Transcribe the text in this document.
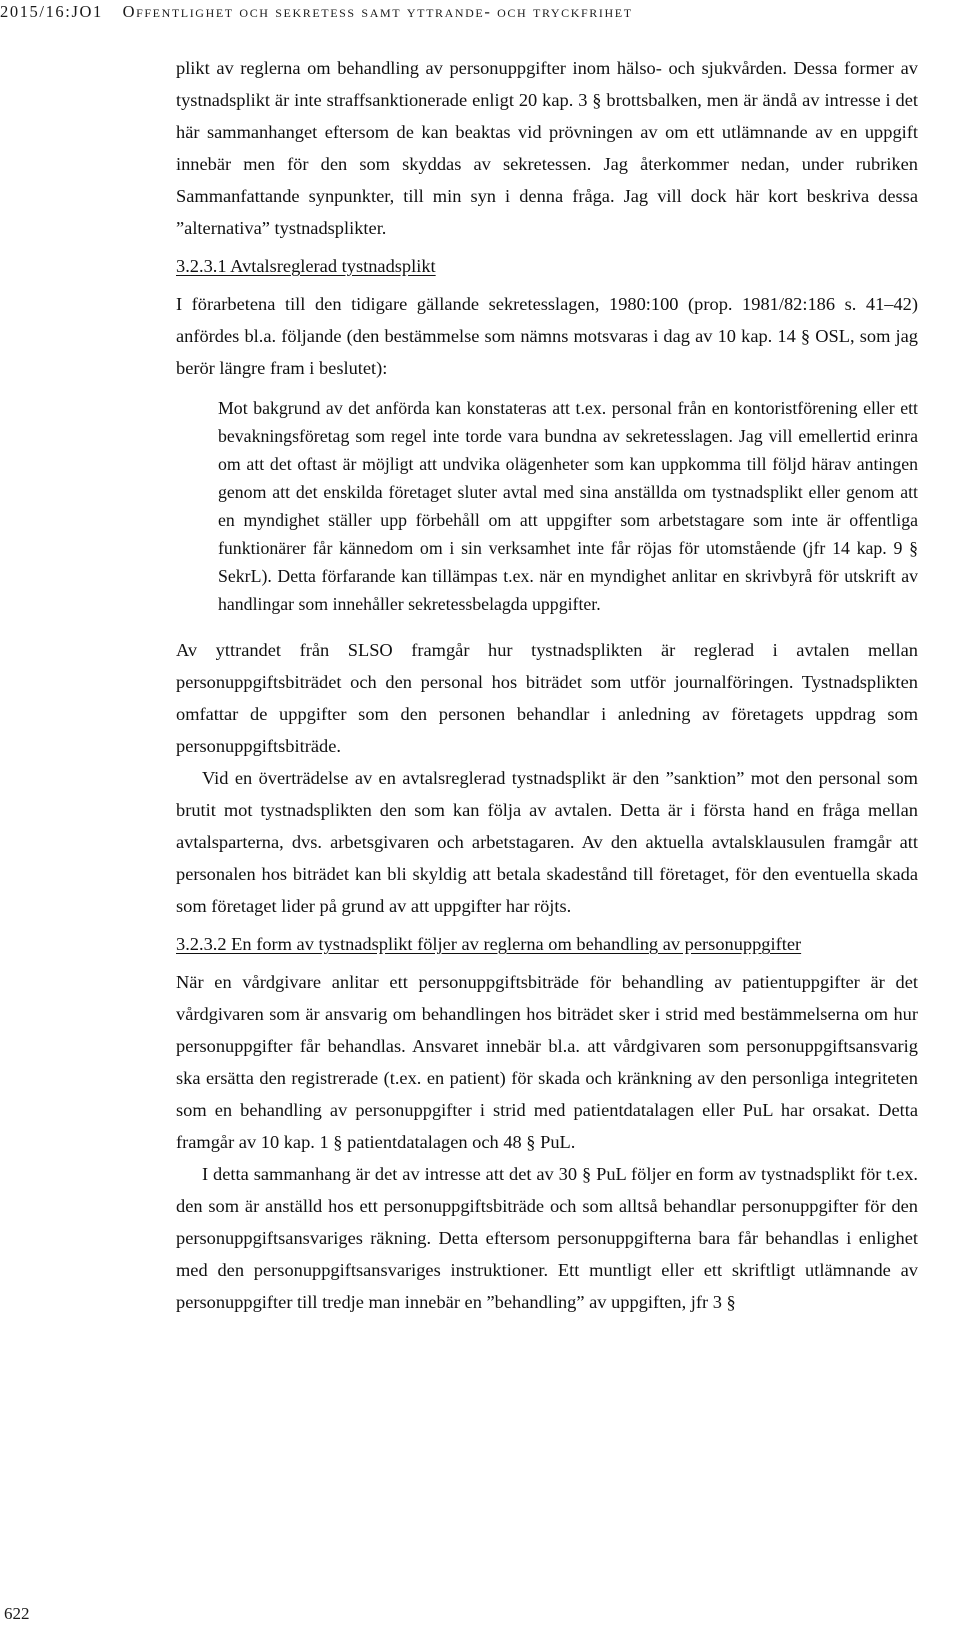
2015/16:JO1 Offentlighet och sekretess samt yttrande- och tryckfrihet

plikt av reglerna om behandling av personuppgifter inom hälso- och sjukvården. Dessa former av tystnadsplikt är inte straffsanktionerade enligt 20 kap. 3 § brottsbalken, men är ändå av intresse i det här sammanhanget eftersom de kan beaktas vid prövningen av om ett utlämnande av en uppgift innebär men för den som skyddas av sekretessen. Jag återkommer nedan, under rubriken Sammanfattande synpunkter, till min syn i denna fråga. Jag vill dock här kort beskriva dessa ”alternativa” tystnadsplikter.

3.2.3.1 Avtalsreglerad tystnadsplikt

I förarbetena till den tidigare gällande sekretesslagen, 1980:100 (prop. 1981/82:186 s. 41–42) anfördes bl.a. följande (den bestämmelse som nämns motsvaras i dag av 10 kap. 14 § OSL, som jag berör längre fram i beslutet):

Mot bakgrund av det anförda kan konstateras att t.ex. personal från en kontoristförening eller ett bevakningsföretag som regel inte torde vara bundna av sekretesslagen. Jag vill emellertid erinra om att det oftast är möjligt att undvika olägenheter som kan uppkomma till följd härav antingen genom att det enskilda företaget sluter avtal med sina anställda om tystnadsplikt eller genom att en myndighet ställer upp förbehåll om att uppgifter som arbetstagare som inte är offentliga funktionärer får kännedom om i sin verksamhet inte får röjas för utomstående (jfr 14 kap. 9 § SekrL). Detta förfarande kan tillämpas t.ex. när en myndighet anlitar en skrivbyrå för utskrift av handlingar som innehåller sekretessbelagda uppgifter.

Av yttrandet från SLSO framgår hur tystnadsplikten är reglerad i avtalen mellan personuppgiftsbiträdet och den personal hos biträdet som utför journalföringen. Tystnadsplikten omfattar de uppgifter som den personen behandlar i anledning av företagets uppdrag som personuppgiftsbiträde.

Vid en överträdelse av en avtalsreglerad tystnadsplikt är den ”sanktion” mot den personal som brutit mot tystnadsplikten den som kan följa av avtalen. Detta är i första hand en fråga mellan avtalsparterna, dvs. arbetsgivaren och arbetstagaren. Av den aktuella avtalsklausulen framgår att personalen hos biträdet kan bli skyldig att betala skadestånd till företaget, för den eventuella skada som företaget lider på grund av att uppgifter har röjts.

3.2.3.2 En form av tystnadsplikt följer av reglerna om behandling av personuppgifter

När en vårdgivare anlitar ett personuppgiftsbiträde för behandling av patientuppgifter är det vårdgivaren som är ansvarig om behandlingen hos biträdet sker i strid med bestämmelserna om hur personuppgifter får behandlas. Ansvaret innebär bl.a. att vårdgivaren som personuppgiftsansvarig ska ersätta den registrerade (t.ex. en patient) för skada och kränkning av den personliga integriteten som en behandling av personuppgifter i strid med patientdatalagen eller PuL har orsakat. Detta framgår av 10 kap. 1 § patientdatalagen och 48 § PuL.

I detta sammanhang är det av intresse att det av 30 § PuL följer en form av tystnadsplikt för t.ex. den som är anställd hos ett personuppgiftsbiträde och som alltså behandlar personuppgifter för den personuppgiftsansvariges räkning. Detta eftersom personuppgifterna bara får behandlas i enlighet med den personuppgiftsansvariges instruktioner. Ett muntligt eller ett skriftligt utlämnande av personuppgifter till tredje man innebär en ”behandling” av uppgiften, jfr 3 §

622
